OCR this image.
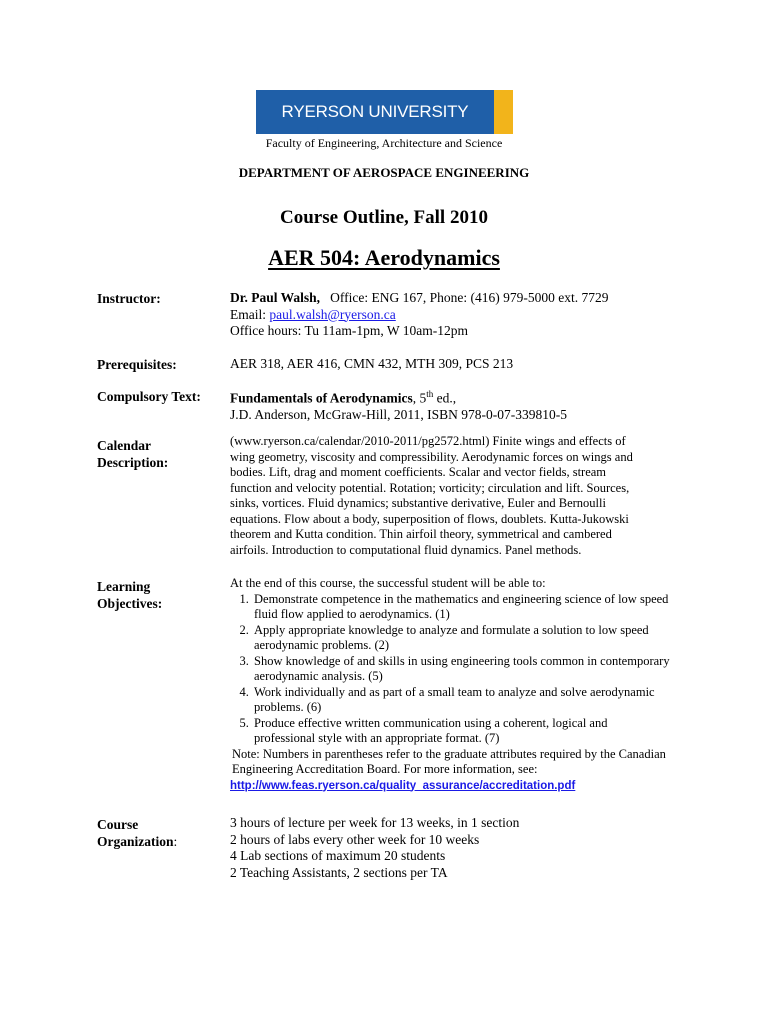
RYERSON UNIVERSITY
Faculty of Engineering, Architecture and Science
DEPARTMENT OF AEROSPACE ENGINEERING
Course Outline, Fall 2010
AER 504: Aerodynamics
Instructor:	Dr. Paul Walsh, Office: ENG 167, Phone: (416) 979-5000 ext. 7729
Email: paul.walsh@ryerson.ca
Office hours: Tu 11am-1pm, W 10am-12pm
Prerequisites:	AER 318, AER 416, CMN 432, MTH 309, PCS 213
Compulsory Text: Fundamentals of Aerodynamics, 5th ed.,
J.D. Anderson, McGraw-Hill, 2011, ISBN 978-0-07-339810-5
Calendar
Description:
(www.ryerson.ca/calendar/2010-2011/pg2572.html) Finite wings and effects of
wing geometry, viscosity and compressibility. Aerodynamic forces on wings and
bodies. Lift, drag and moment coefficients. Scalar and vector fields, stream
function and velocity potential. Rotation; vorticity; circulation and lift. Sources,
sinks, vortices. Fluid dynamics; substantive derivative, Euler and Bernoulli
equations. Flow about a body, superposition of flows, doublets. Kutta-Jukowski
theorem and Kutta condition. Thin airfoil theory, symmetrical and cambered
airfoils. Introduction to computational fluid dynamics. Panel methods.
Learning
Objectives:
At the end of this course, the successful student will be able to:
1. Demonstrate competence in the mathematics and engineering science of low speed fluid flow applied to aerodynamics. (1)
2. Apply appropriate knowledge to analyze and formulate a solution to low speed aerodynamic problems. (2)
3. Show knowledge of and skills in using engineering tools common in contemporary aerodynamic analysis. (5)
4. Work individually and as part of a small team to analyze and solve aerodynamic problems. (6)
5. Produce effective written communication using a coherent, logical and professional style with an appropriate format. (7)
Note: Numbers in parentheses refer to the graduate attributes required by the Canadian Engineering Accreditation Board. For more information, see:
http://www.feas.ryerson.ca/quality_assurance/accreditation.pdf
Course
Organization:
3 hours of lecture per week for 13 weeks, in 1 section
2 hours of labs every other week for 10 weeks
4 Lab sections of maximum 20 students
2 Teaching Assistants, 2 sections per TA
